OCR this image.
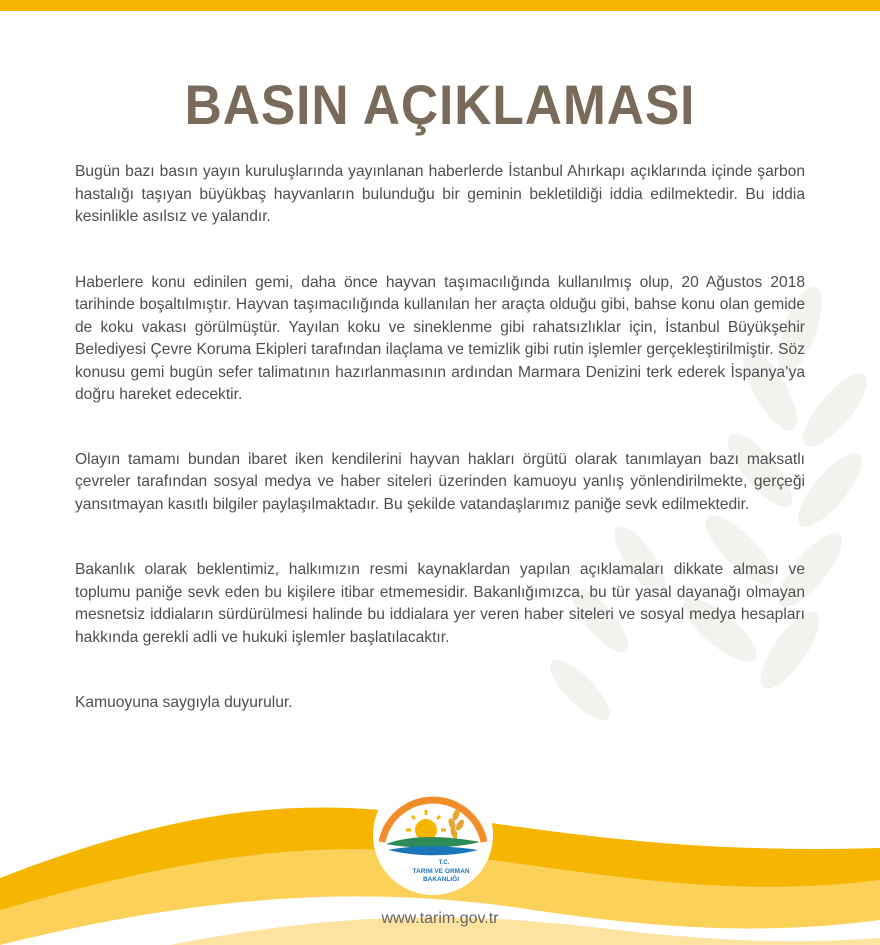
BASIN AÇIKLAMASI

Bugün bazı basın yayın kuruluşlarında yayınlanan haberlerde İstanbul Ahırkapı açıklarında içinde şarbon hastalığı taşıyan büyükbaş hayvanların bulunduğu bir geminin bekletildiği iddia edilmektedir. Bu iddia kesinlikle asılsız ve yalandır.

Haberlere konu edinilen gemi, daha önce hayvan taşımacılığında kullanılmış olup, 20 Ağustos 2018 tarihinde boşaltılmıştır. Hayvan taşımacılığında kullanılan her araçta olduğu gibi, bahse konu olan gemide de koku vakası görülmüştür. Yayılan koku ve sineklenme gibi rahatsızlıklar için, İstanbul Büyükşehir Belediyesi Çevre Koruma Ekipleri tarafından ilaçlama ve temizlik gibi rutin işlemler gerçekleştirilmiştir. Söz konusu gemi bugün sefer talimatının hazırlanmasının ardından Marmara Denizini terk ederek İspanya’ya doğru hareket edecektir.

Olayın tamamı bundan ibaret iken kendilerini hayvan hakları örgütü olarak tanımlayan bazı maksatlı çevreler tarafından sosyal medya ve haber siteleri üzerinden kamuoyu yanlış yönlendirilmekte, gerçeği yansıtmayan kasıtlı bilgiler paylaşılmaktadır. Bu şekilde vatandaşlarımız paniğe sevk edilmektedir.

Bakanlık olarak beklentimiz, halkımızın resmi kaynaklardan yapılan açıklamaları dikkate alması ve toplumu paniğe sevk eden bu kişilere itibar etmemesidir. Bakanlığımızca, bu tür yasal dayanağı olmayan mesnetsiz iddiaların sürdürülmesi halinde bu iddialara yer veren haber siteleri ve sosyal medya hesapları hakkında gerekli adli ve hukuki işlemler başlatılacaktır.

Kamuoyuna saygıyla duyurulur.

T.C.
TARIM VE ORMAN
BAKANLIĞI
www.tarim.gov.tr
